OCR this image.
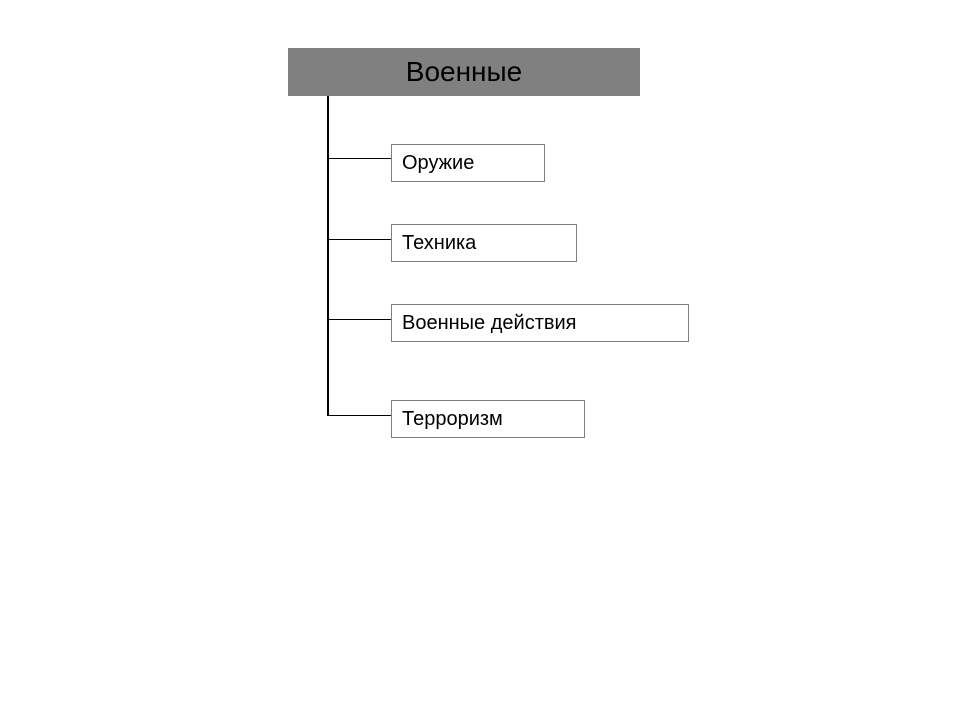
Военные
Оружие
Техника
Военные действия
Терроризм
